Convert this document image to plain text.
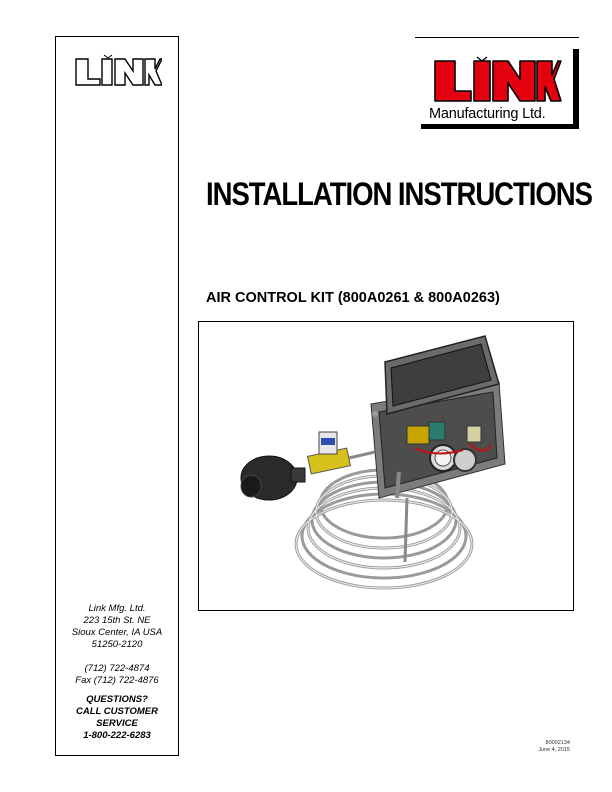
Link Mfg. Ltd.
223 15th St. NE
Sioux Center, IA USA
51250-2120
(712) 722-4874
Fax (712) 722-4876
QUESTIONS?
CALL CUSTOMER
SERVICE
1-800-222-6283
Manufacturing Ltd.
INSTALLATION INSTRUCTIONS
AIR CONTROL KIT (800A0261 & 800A0263)
80002134
June 4, 2015
